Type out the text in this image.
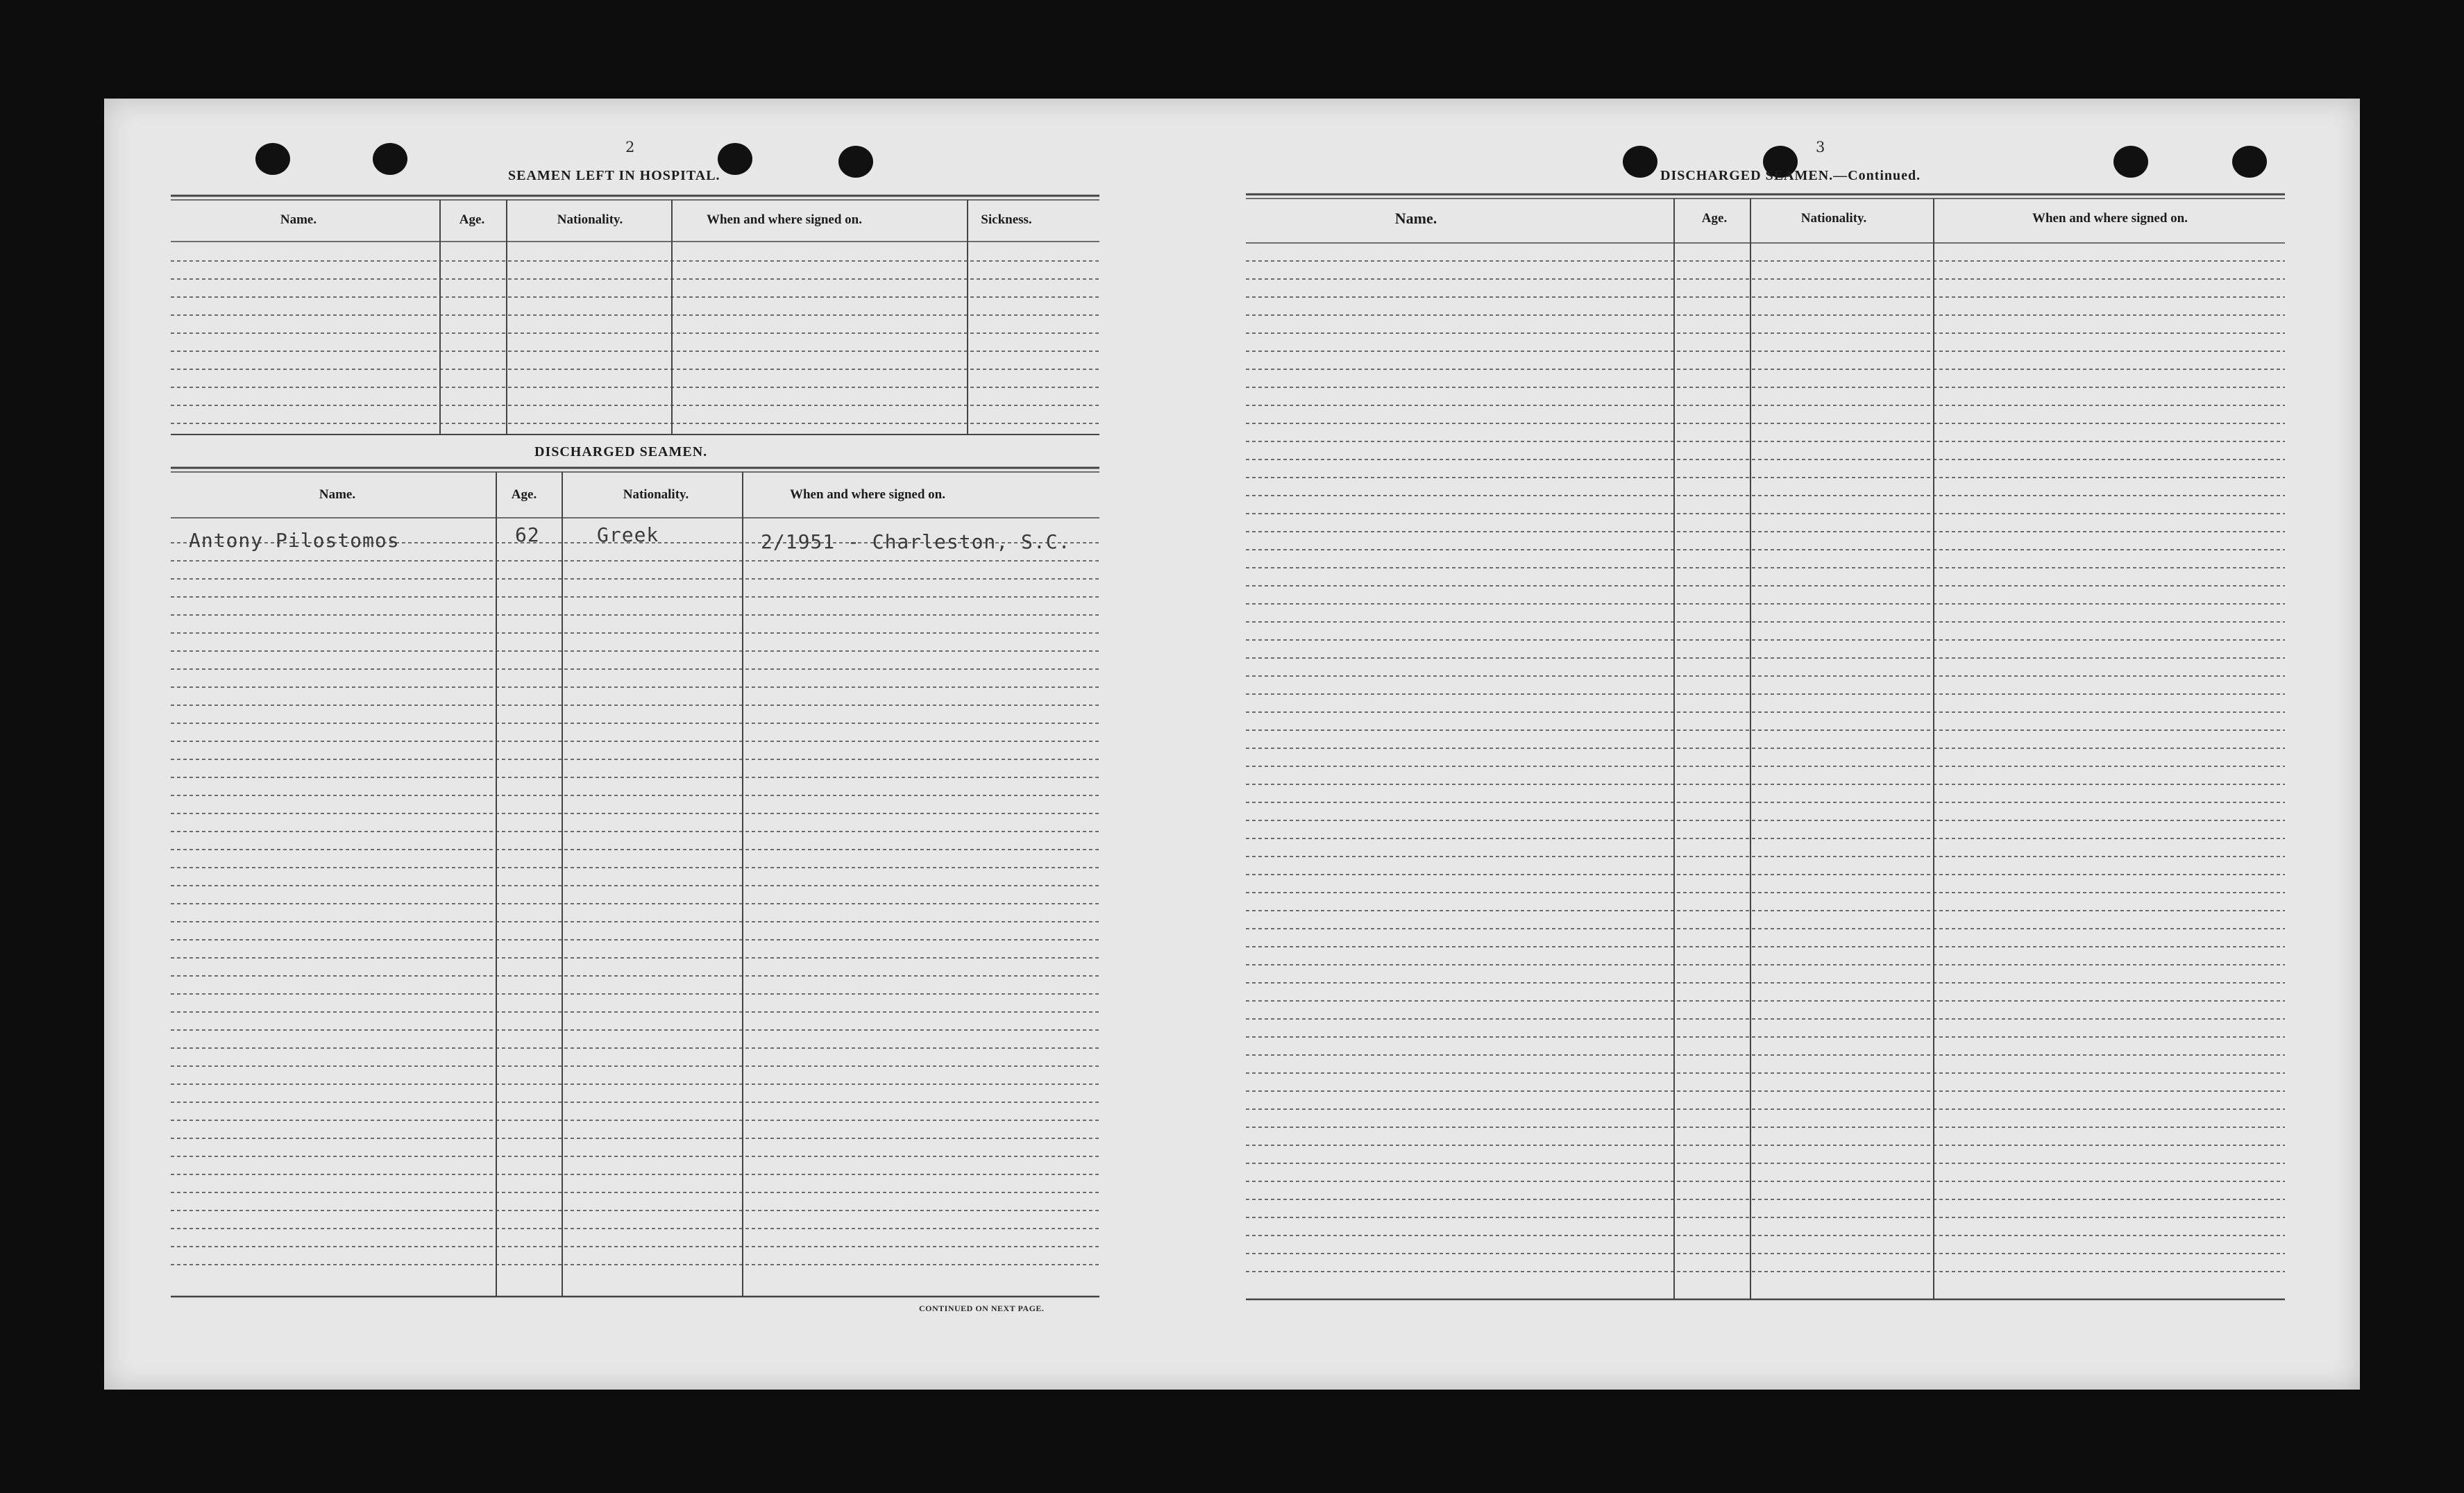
2
SEAMEN LEFT IN HOSPITAL.
Name.	Age.	Nationality.	When and where signed on.	Sickness.
DISCHARGED SEAMEN.
Name.	Age.	Nationality.	When and where signed on.
Antony Pilostomos	62	Greek	2/1951 - Charleston, S.C.
CONTINUED ON NEXT PAGE.
3
DISCHARGED SEAMEN.—Continued.
Name.	Age.	Nationality.	When and where signed on.
